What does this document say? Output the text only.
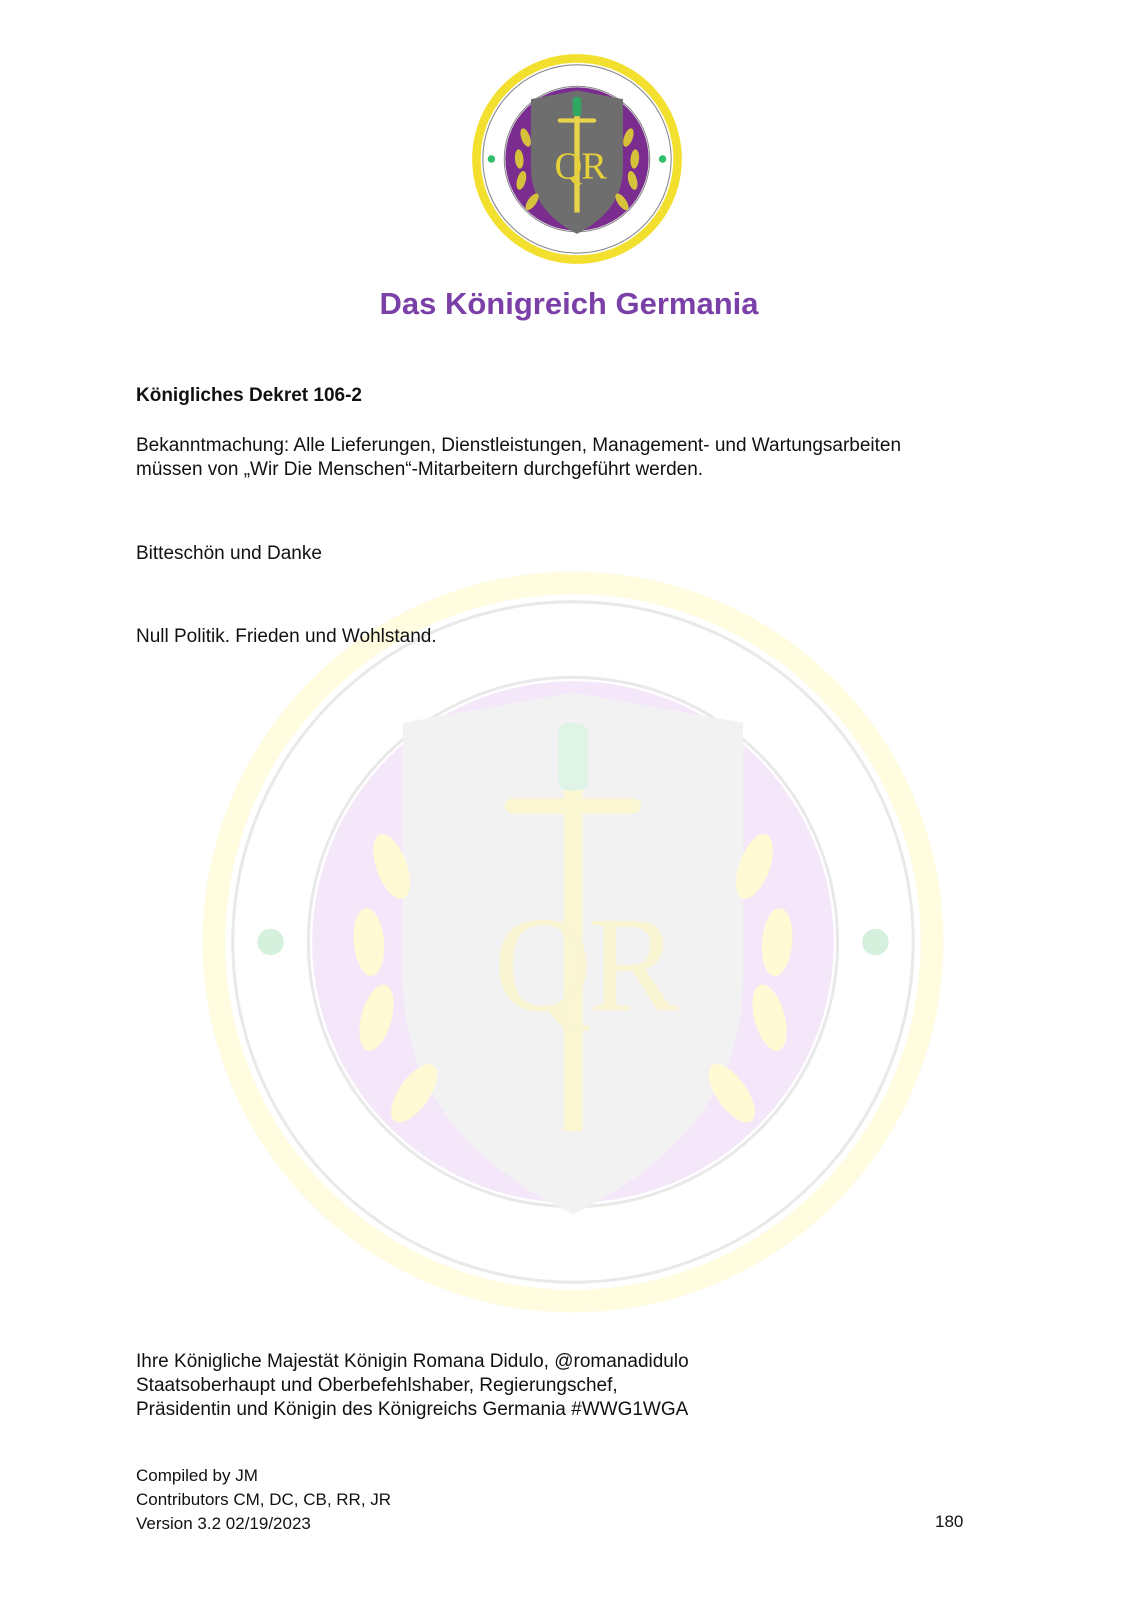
Q
R
Q
R
Das Königreich Germania
Königliches Dekret 106-2
Bekanntmachung: Alle Lieferungen, Dienstleistungen, Management- und Wartungsarbeiten
müssen von „Wir Die Menschen“-Mitarbeitern durchgeführt werden.
Bitteschön und Danke
Null Politik. Frieden und Wohlstand.
Ihre Königliche Majestät Königin Romana Didulo, @romanadidulo
Staatsoberhaupt und Oberbefehlshaber, Regierungschef,
Präsidentin und Königin des Königreichs Germania #WWG1WGA
Compiled by JM
Contributors CM, DC, CB, RR, JR
Version 3.2 02/19/2023	180
